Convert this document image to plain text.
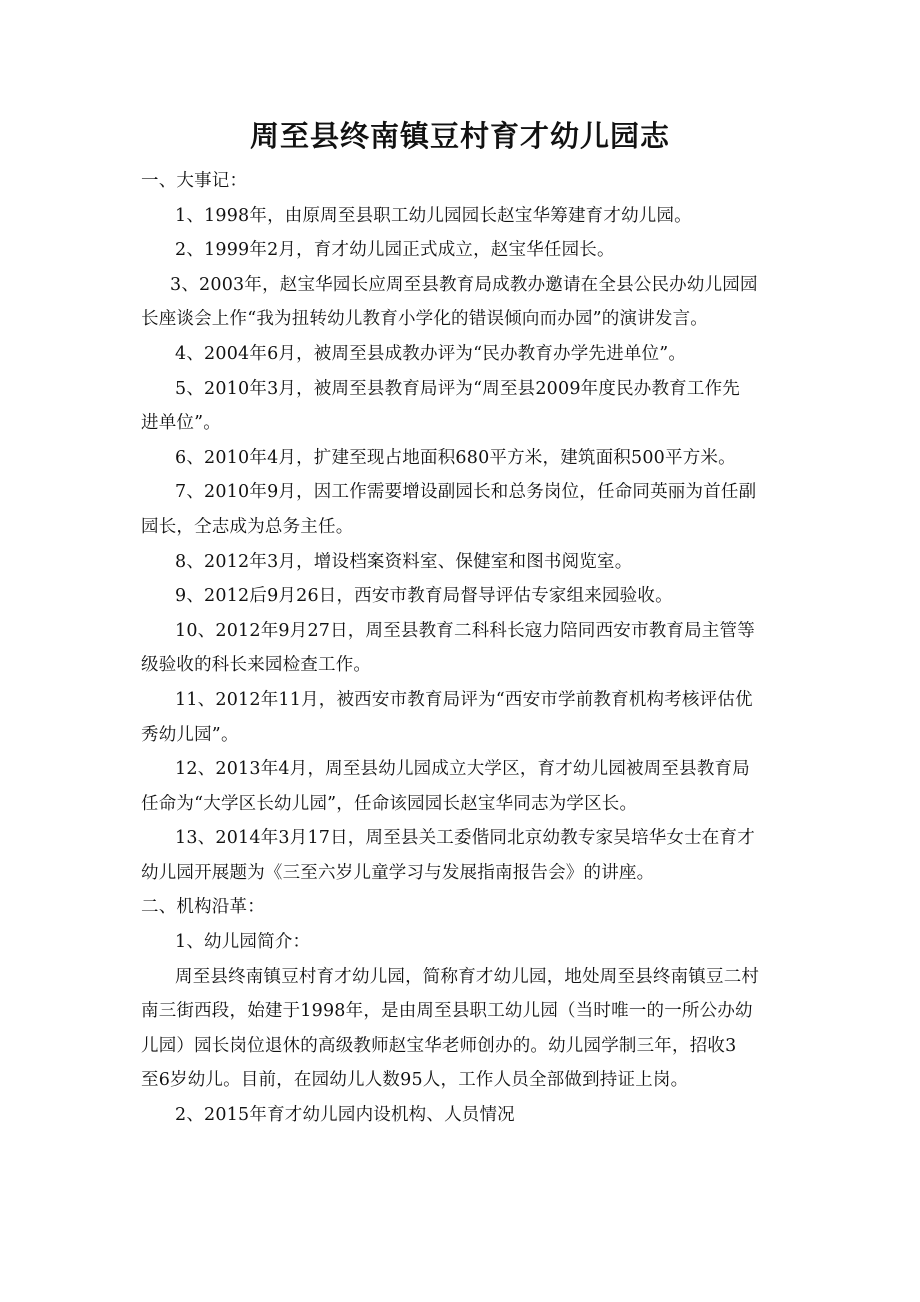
周至县终南镇豆村育才幼儿园志

一、大事记：

1、1998年，由原周至县职工幼儿园园长赵宝华筹建育才幼儿园。

2、1999年2月，育才幼儿园正式成立，赵宝华任园长。

3、2003年，赵宝华园长应周至县教育局成教办邀请在全县公民办幼儿园园

长座谈会上作“我为扭转幼儿教育小学化的错误倾向而办园”的演讲发言。

4、2004年6月，被周至县成教办评为“民办教育办学先进单位”。

5、2010年3月，被周至县教育局评为“周至县2009年度民办教育工作先

进单位”。

6、2010年4月，扩建至现占地面积680平方米，建筑面积500平方米。

7、2010年9月，因工作需要增设副园长和总务岗位，任命同英丽为首任副

园长，仝志成为总务主任。

8、2012年3月，增设档案资料室、保健室和图书阅览室。

9、2012后9月26日，西安市教育局督导评估专家组来园验收。

10、2012年9月27日，周至县教育二科科长寇力陪同西安市教育局主管等

级验收的科长来园检查工作。

11、2012年11月，被西安市教育局评为“西安市学前教育机构考核评估优

秀幼儿园”。

12、2013年4月，周至县幼儿园成立大学区，育才幼儿园被周至县教育局

任命为“大学区长幼儿园”，任命该园园长赵宝华同志为学区长。

13、2014年3月17日，周至县关工委偕同北京幼教专家吴培华女士在育才

幼儿园开展题为《三至六岁儿童学习与发展指南报告会》的讲座。

二、机构沿革：

1、幼儿园简介：

周至县终南镇豆村育才幼儿园，简称育才幼儿园，地处周至县终南镇豆二村

南三街西段，始建于1998年，是由周至县职工幼儿园（当时唯一的一所公办幼

儿园）园长岗位退休的高级教师赵宝华老师创办的。幼儿园学制三年，招收3

至6岁幼儿。目前，在园幼儿人数95人，工作人员全部做到持证上岗。

2、2015年育才幼儿园内设机构、人员情况
